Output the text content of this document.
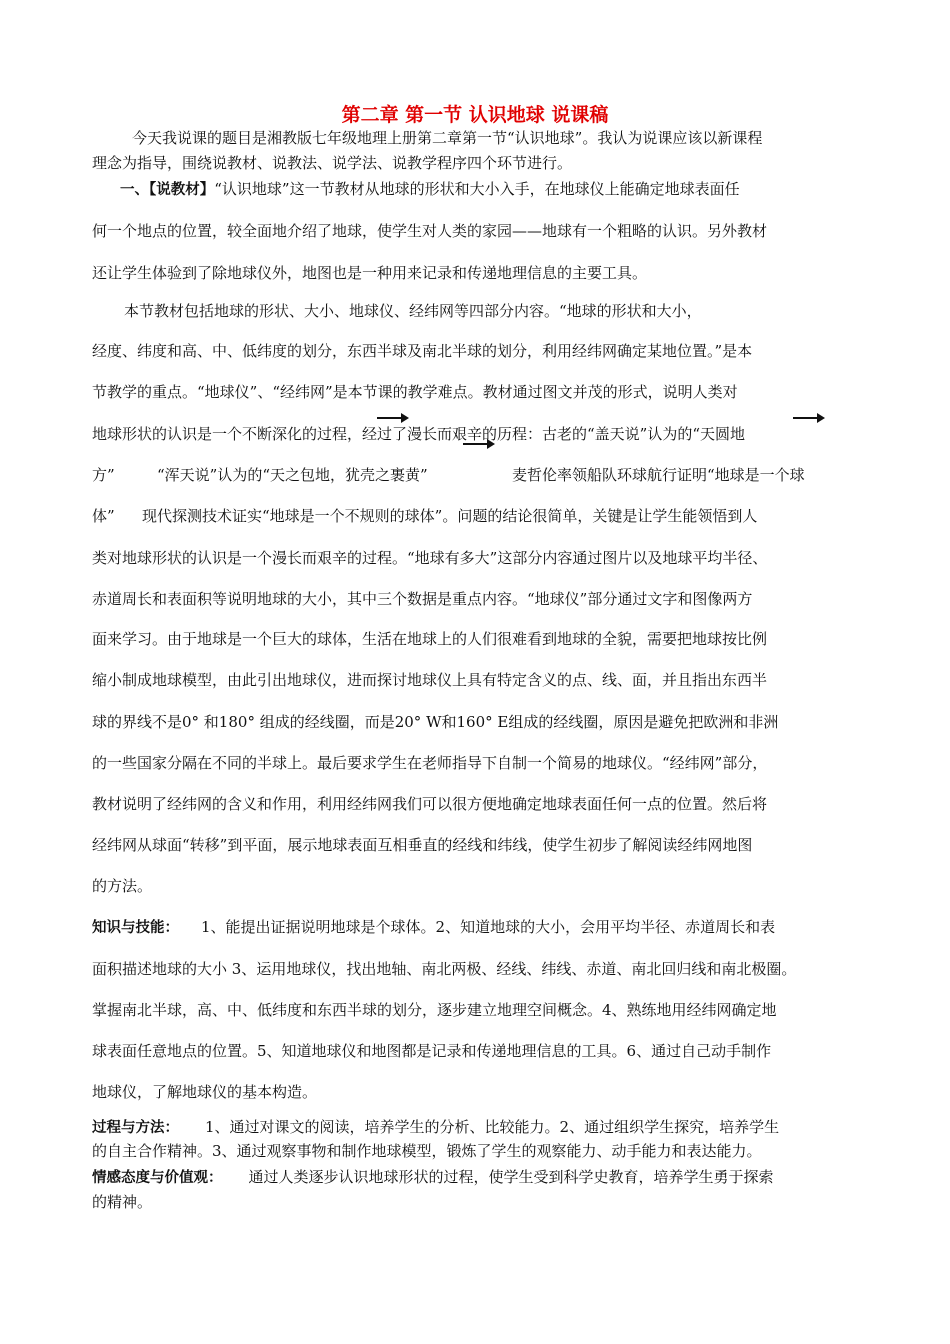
第二章 第一节 认识地球 说课稿
今天我说课的题目是湘教版七年级地理上册第二章第一节“认识地球”。我认为说课应该以新课程
理念为指导，围绕说教材、说教法、说学法、说教学程序四个环节进行。
一、【说教材】“认识地球”这一节教材从地球的形状和大小入手，在地球仪上能确定地球表面任
何一个地点的位置，较全面地介绍了地球，使学生对人类的家园——地球有一个粗略的认识。另外教材
还让学生体验到了除地球仪外，地图也是一种用来记录和传递地理信息的主要工具。
本节教材包括地球的形状、大小、地球仪、经纬网等四部分内容。“地球的形状和大小，
经度、纬度和高、中、低纬度的划分，东西半球及南北半球的划分，利用经纬网确定某地位置。”是本
节教学的重点。“地球仪”、“经纬网”是本节课的教学难点。教材通过图文并茂的形式，说明人类对
地球形状的认识是一个不断深化的过程，经过了漫长而艰辛的历程：古老的“盖天说”认为的“天圆地
方”	“浑天说”认为的“天之包地，犹壳之裹黄”	麦哲伦率领船队环球航行证明“地球是一个球
体” 现代探测技术证实“地球是一个不规则的球体”。问题的结论很简单，关键是让学生能领悟到人
类对地球形状的认识是一个漫长而艰辛的过程。“地球有多大”这部分内容通过图片以及地球平均半径、
赤道周长和表面积等说明地球的大小，其中三个数据是重点内容。“地球仪”部分通过文字和图像两方
面来学习。由于地球是一个巨大的球体，生活在地球上的人们很难看到地球的全貌，需要把地球按比例
缩小制成地球模型，由此引出地球仪，进而探讨地球仪上具有特定含义的点、线、面，并且指出东西半
球的界线不是0° 和180° 组成的经线圈，而是20° W和160° E组成的经线圈，原因是避免把欧洲和非洲
的一些国家分隔在不同的半球上。最后要求学生在老师指导下自制一个简易的地球仪。“经纬网”部分，
教材说明了经纬网的含义和作用，利用经纬网我们可以很方便地确定地球表面任何一点的位置。然后将
经纬网从球面“转移”到平面，展示地球表面互相垂直的经线和纬线，使学生初步了解阅读经纬网地图
的方法。
知识与技能： 1、能提出证据说明地球是个球体。2、知道地球的大小，会用平均半径、赤道周长和表
面积描述地球的大小 3、运用地球仪，找出地轴、南北两极、经线、纬线、赤道、南北回归线和南北极圈。
掌握南北半球，高、中、低纬度和东西半球的划分，逐步建立地理空间概念。4、熟练地用经纬网确定地
球表面任意地点的位置。5、知道地球仪和地图都是记录和传递地理信息的工具。6、通过自己动手制作
地球仪，了解地球仪的基本构造。
过程与方法： 1、通过对课文的阅读，培养学生的分析、比较能力。2、通过组织学生探究，培养学生
的自主合作精神。3、通过观察事物和制作地球模型，锻炼了学生的观察能力、动手能力和表达能力。
情感态度与价值观： 通过人类逐步认识地球形状的过程，使学生受到科学史教育，培养学生勇于探索
的精神。
